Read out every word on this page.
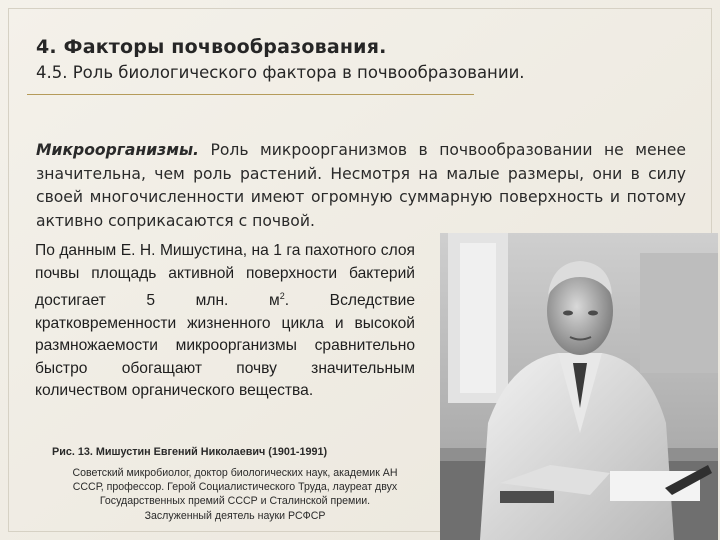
4. Факторы почвообразования.
4.5. Роль биологического фактора в почвообразовании.
Микроорганизмы. Роль микроорганизмов в почвообразовании не менее значительна, чем роль растений. Несмотря на малые размеры, они в силу своей многочисленности имеют огромную суммарную поверхность и потому активно соприкасаются с почвой.
По данным Е. Н. Мишустина, на 1 га пахотного слоя почвы площадь активной поверхности бактерий достигает 5 млн. $м^2$. Вследствие кратковременности жизненного цикла и высокой размножаемости микроорганизмы сравнительно быстро обогащают почву значительным количеством органического вещества.
Рис. 13. Мишустин Евгений Николаевич (1901-1991)
Советский микробиолог, доктор биологических наук, академик АН
СССР, профессор. Герой Социалистического Труда, лауреат двух
Государственных премий СССР и Сталинской премии.
Заслуженный деятель науки РСФСР
